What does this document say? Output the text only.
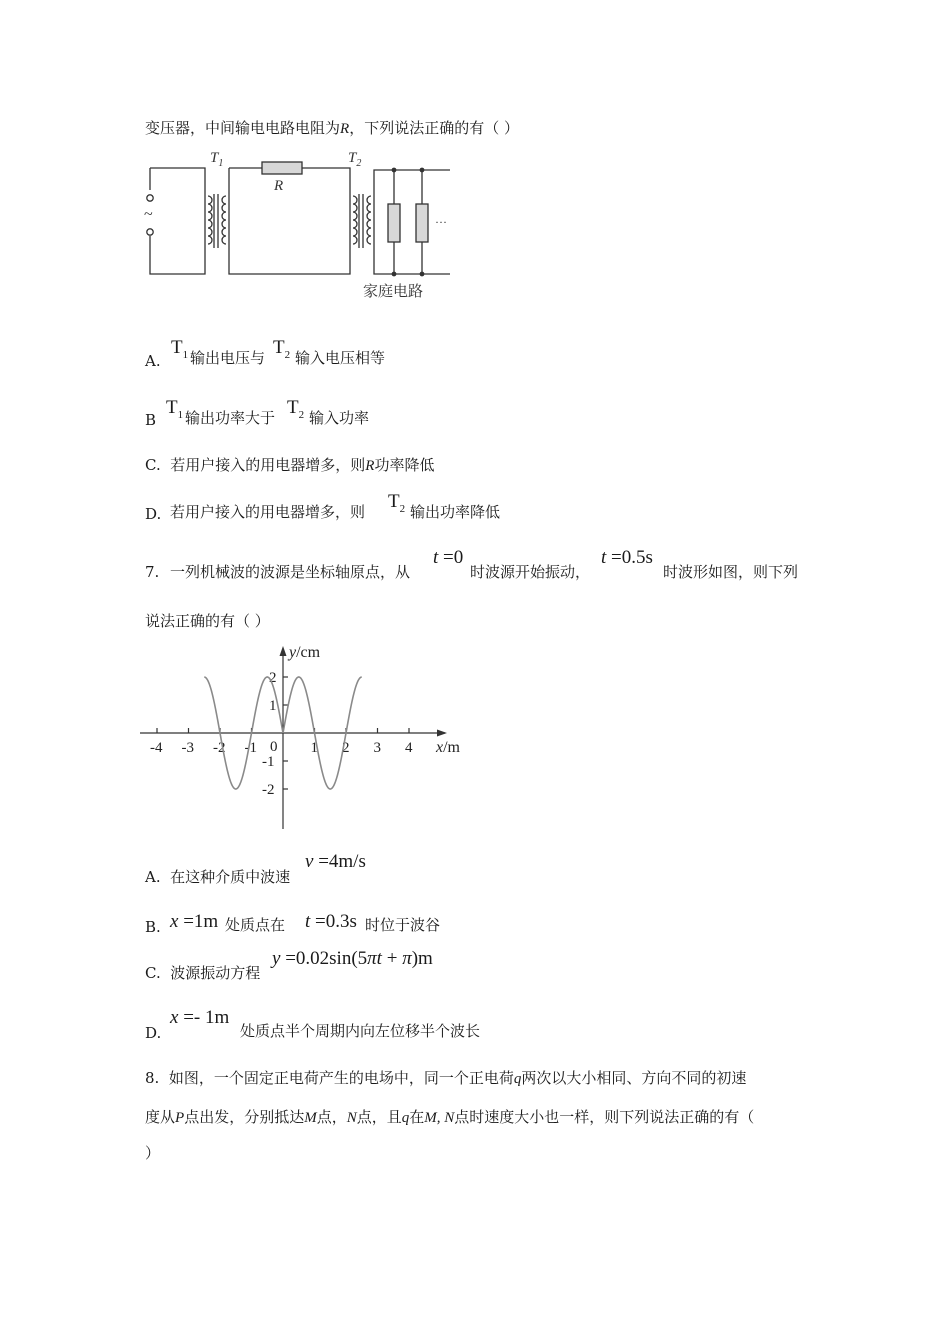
变压器，中间输电电路电阻为R，下列说法正确的有（ ）
~
$T_1$
R
$T_2$
···
家庭电路
A.
$T_1$ 输出电压与 $T_2$ 输入电压相等
B
$T_1$ 输出功率大于 $T_2$ 输入功率
C. 若用户接入的用电器增多，则R功率降低
D. 若用户接入的用电器增多，则 $T_2$ 输出功率降低
7. 一列机械波的波源是坐标轴原点，从
t =0
时波源开始振动，
t =0.5s
时波形如图，则下列
说法正确的有（ ）
-4 -3 -2 -1 0 1 2 3 4
2
1
-1
-2
y/cm
x/m
A. 在这种介质中波速
v =4m/s
B. x =1m 处质点在 t =0.3s 时位于波谷
C. 波源振动方程
y =0.02sin(5πt + π)m
D.
x =- 1m
处质点半个周期内向左位移半个波长
8. 如图，一个固定正电荷产生的电场中，同一个正电荷q两次以大小相同、方向不同的初速
度从P点出发，分别抵达M点，N点，且q在M, N点时速度大小也一样，则下列说法正确的有（
）
